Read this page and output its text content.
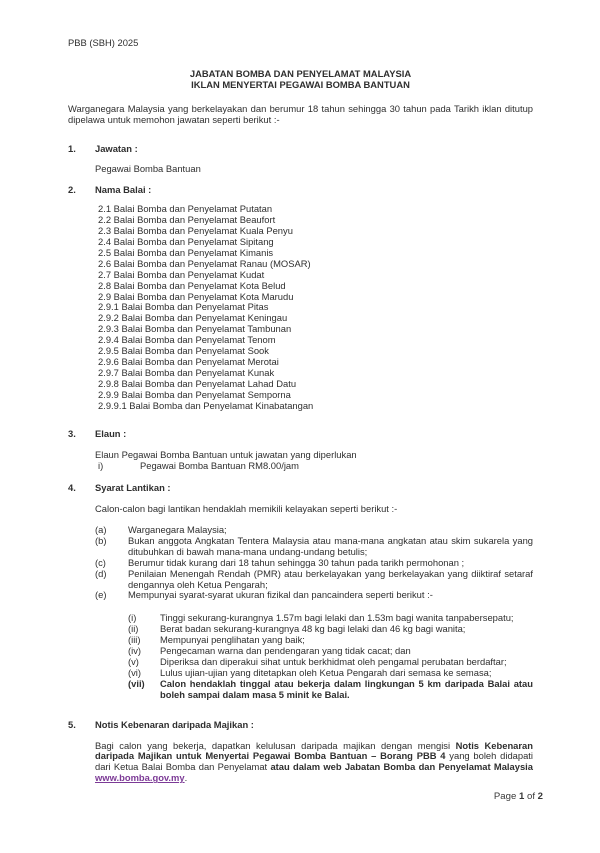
PBB (SBH) 2025
JABATAN BOMBA DAN PENYELAMAT MALAYSIA
IKLAN MENYERTAI PEGAWAI BOMBA BANTUAN

Warganegara Malaysia yang berkelayakan dan berumur 18 tahun sehingga 30 tahun pada Tarikh iklan ditutup dipelawa untuk memohon jawatan seperti berikut :-

1.	Jawatan :
Pegawai Bomba Bantuan
2.	Nama Balai :
2.1 Balai Bomba dan Penyelamat Putatan
2.2 Balai Bomba dan Penyelamat Beaufort
2.3 Balai Bomba dan Penyelamat Kuala Penyu
2.4 Balai Bomba dan Penyelamat Sipitang
2.5 Balai Bomba dan Penyelamat Kimanis
2.6 Balai Bomba dan Penyelamat Ranau (MOSAR)
2.7 Balai Bomba dan Penyelamat Kudat
2.8 Balai Bomba dan Penyelamat Kota Belud
2.9 Balai Bomba dan Penyelamat Kota Marudu
2.9.1 Balai Bomba dan Penyelamat Pitas
2.9.2 Balai Bomba dan Penyelamat Keningau
2.9.3 Balai Bomba dan Penyelamat Tambunan
2.9.4 Balai Bomba dan Penyelamat Tenom
2.9.5 Balai Bomba dan Penyelamat Sook
2.9.6 Balai Bomba dan Penyelamat Merotai
2.9.7 Balai Bomba dan Penyelamat Kunak
2.9.8 Balai Bomba dan Penyelamat Lahad Datu
2.9.9 Balai Bomba dan Penyelamat Semporna
2.9.9.1 Balai Bomba dan Penyelamat Kinabatangan
3.	Elaun :
Elaun Pegawai Bomba Bantuan untuk jawatan yang diperlukan
i)	Pegawai Bomba Bantuan RM8.00/jam
4.	Syarat Lantikan :
Calon-calon bagi lantikan hendaklah memikili kelayakan seperti berikut :-
(a)	Warganegara Malaysia;
(b)	Bukan anggota Angkatan Tentera Malaysia atau mana-mana angkatan atau skim sukarela yang ditubuhkan di bawah mana-mana undang-undang betulis;
(c)	Berumur tidak kurang dari 18 tahun sehingga 30 tahun pada tarikh permohonan ;
(d)	Penilaian Menengah Rendah (PMR) atau berkelayakan yang berkelayakan yang diiktiraf setaraf dengannya oleh Ketua Pengarah;
(e)	Mempunyai syarat-syarat ukuran fizikal dan pancaindera seperti berikut :-
(i)	Tinggi sekurang-kurangnya 1.57m bagi lelaki dan 1.53m bagi wanita tanpabersepatu;
(ii)	Berat badan sekurang-kurangnya 48 kg bagi lelaki dan 46 kg bagi wanita;
(iii)	Mempunyai penglihatan yang baik;
(iv)	Pengecaman warna dan pendengaran yang tidak cacat; dan
(v)	Diperiksa dan diperakui sihat untuk berkhidmat oleh pengamal perubatan berdaftar;
(vi)	Lulus ujian-ujian yang ditetapkan oleh Ketua Pengarah dari semasa ke semasa;
(vii)	Calon hendaklah tinggal atau bekerja dalam lingkungan 5 km daripada Balai atau boleh sampai dalam masa 5 minit ke Balai.
5.	Notis Kebenaran daripada Majikan :

Bagi calon yang bekerja, dapatkan kelulusan daripada majikan dengan mengisi Notis Kebenaran daripada Majikan untuk Menyertai Pegawai Bomba Bantuan – Borang PBB 4 yang boleh didapati dari Ketua Balai Bomba dan Penyelamat atau dalam web Jabatan Bomba dan Penyelamat Malaysia www.bomba.gov.my.

Page 1 of 2
